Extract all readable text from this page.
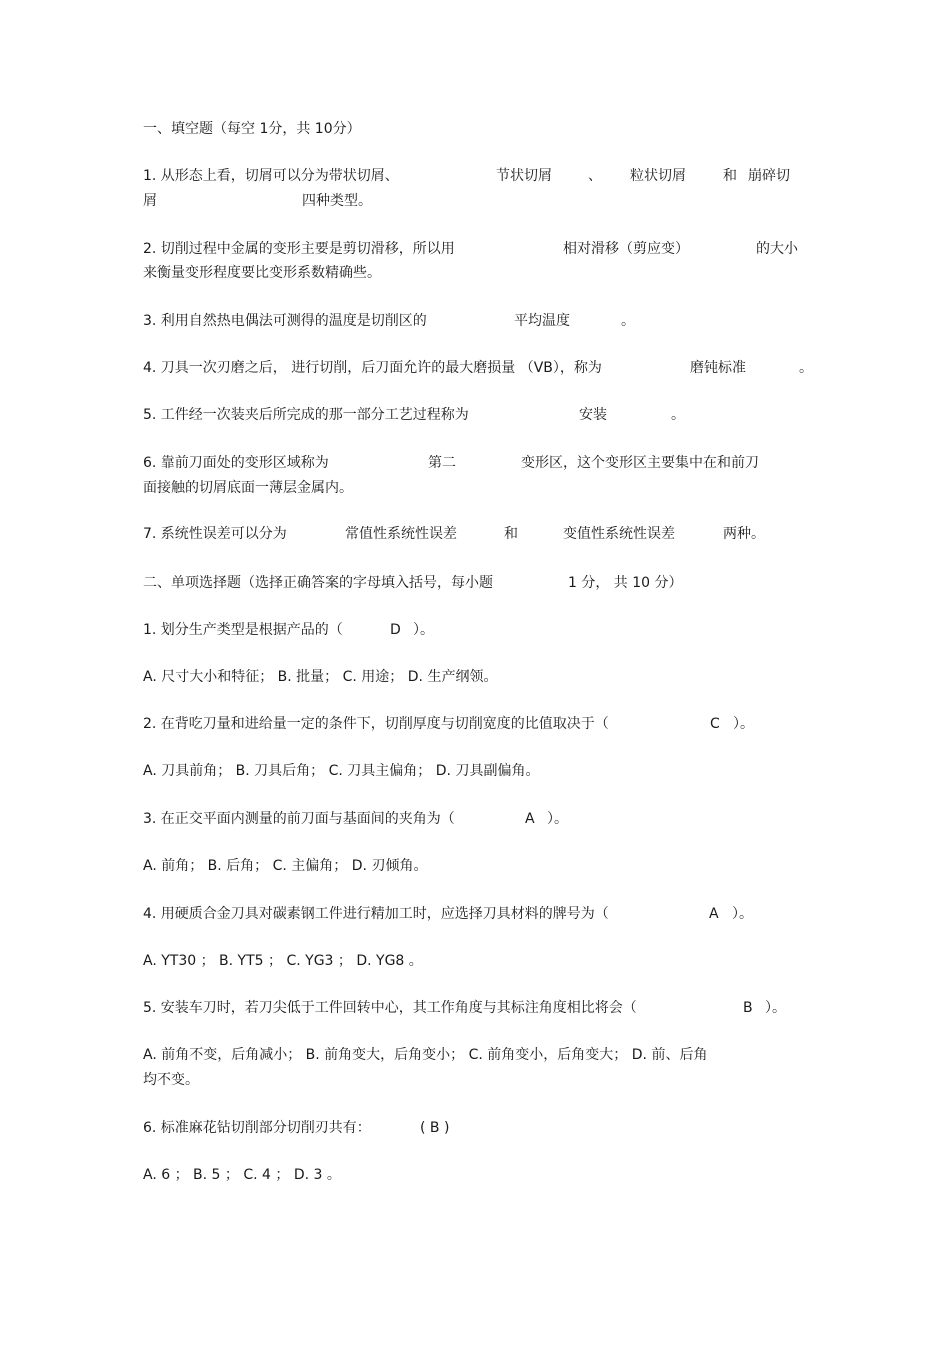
一、填空题（每空 1分，共 10分）
1. 从形态上看，切屑可以分为带状切屑、	节状切屑	、 粒状切屑	和 崩碎切
屑	四种类型。
2. 切削过程中金属的变形主要是剪切滑移，所以用	相对滑移（剪应变）	的大小
来衡量变形程度要比变形系数精确些。
3. 利用自然热电偶法可测得的温度是切削区的	平均温度	。
4. 刀具一次刃磨之后， 进行切削，后刀面允许的最大磨损量 （VB），称为	磨钝标准	。
5. 工件经一次装夹后所完成的那一部分工艺过程称为	安装	。
6. 靠前刀面处的变形区域称为	第二	变形区，这个变形区主要集中在和前刀
面接触的切屑底面一薄层金属内。
7. 系统性误差可以分为	常值性系统性误差	和	变值性系统性误差	两种。
二、单项选择题（选择正确答案的字母填入括号，每小题	1 分， 共 10 分）
1. 划分生产类型是根据产品的（	D ）。
A. 尺寸大小和特征； B. 批量； C. 用途； D. 生产纲领。
2. 在背吃刀量和进给量一定的条件下，切削厚度与切削宽度的比值取决于（	C ）。
A. 刀具前角； B. 刀具后角； C. 刀具主偏角； D. 刀具副偏角。
3. 在正交平面内测量的前刀面与基面间的夹角为（	A ）。
A. 前角； B. 后角； C. 主偏角； D. 刃倾角。
4. 用硬质合金刀具对碳素钢工件进行精加工时，应选择刀具材料的牌号为（	A ）。
A. YT30 ； B. YT5 ； C. YG3 ； D. YG8 。
5. 安装车刀时，若刀尖低于工件回转中心，其工作角度与其标注角度相比将会（	B ）。
A. 前角不变，后角减小； B. 前角变大，后角变小； C. 前角变小，后角变大； D. 前、后角
均不变。
6. 标准麻花钻切削部分切削刃共有：	( B )
A. 6 ； B. 5 ； C. 4 ； D. 3 。
